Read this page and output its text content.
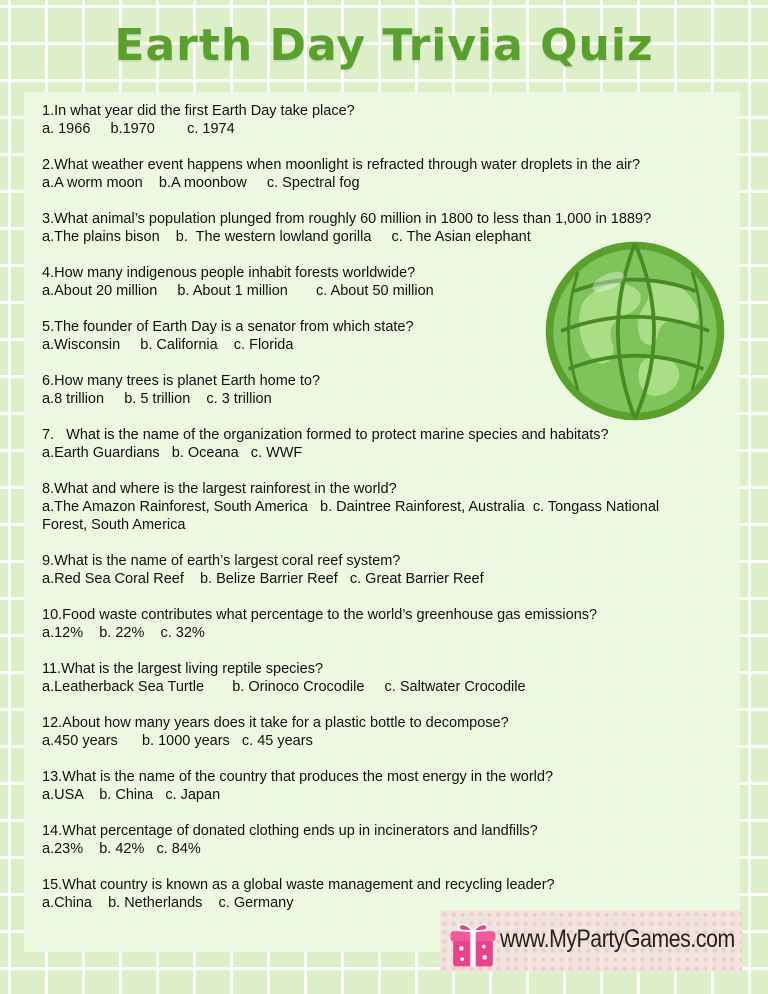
Earth Day Trivia Quiz
1.In what year did the first Earth Day take place?
a. 1966     b.1970        c. 1974
2.What weather event happens when moonlight is refracted through water droplets in the air?
a.A worm moon    b.A moonbow     c. Spectral fog
3.What animal’s population plunged from roughly 60 million in 1800 to less than 1,000 in 1889?
a.The plains bison    b.  The western lowland gorilla     c. The Asian elephant
4.How many indigenous people inhabit forests worldwide?
a.About 20 million     b. About 1 million       c. About 50 million
5.The founder of Earth Day is a senator from which state?
a.Wisconsin     b. California    c. Florida
6.How many trees is planet Earth home to?
a.8 trillion     b. 5 trillion    c. 3 trillion
7.   What is the name of the organization formed to protect marine species and habitats?
a.Earth Guardians   b. Oceana   c. WWF
8.What and where is the largest rainforest in the world?
a.The Amazon Rainforest, South America   b. Daintree Rainforest, Australia  c. Tongass National Forest, South America
9.What is the name of earth’s largest coral reef system?
a.Red Sea Coral Reef    b. Belize Barrier Reef   c. Great Barrier Reef
10.Food waste contributes what percentage to the world’s greenhouse gas emissions?
a.12%    b. 22%    c. 32%
11.What is the largest living reptile species?
a.Leatherback Sea Turtle       b. Orinoco Crocodile     c. Saltwater Crocodile
12.About how many years does it take for a plastic bottle to decompose?
a.450 years      b. 1000 years   c. 45 years
13.What is the name of the country that produces the most energy in the world?
a.USA    b. China   c. Japan
14.What percentage of donated clothing ends up in incinerators and landfills?
a.23%    b. 42%   c. 84%
15.What country is known as a global waste management and recycling leader?
a.China    b. Netherlands    c. Germany
www.MyPartyGames.com
